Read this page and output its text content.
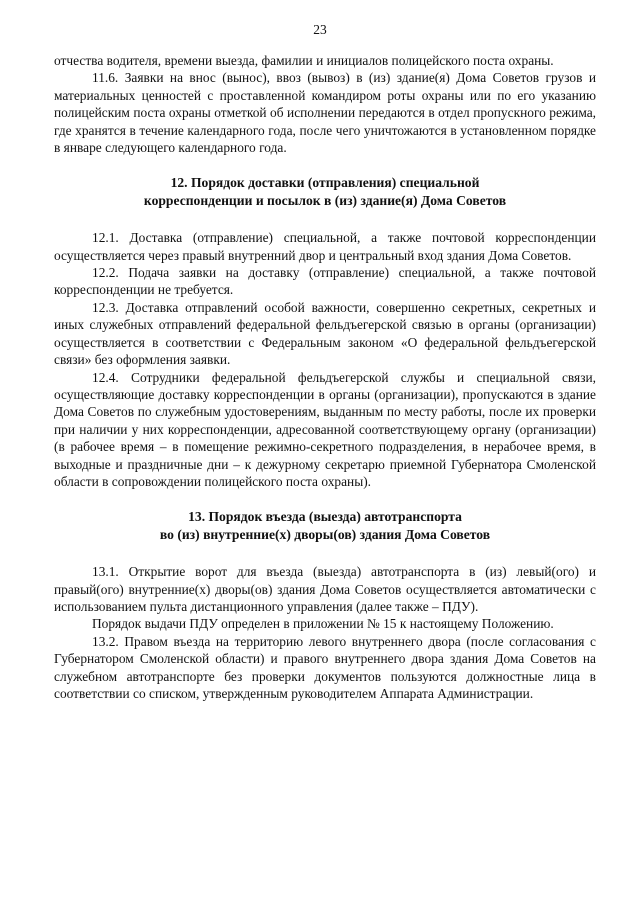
23

отчества водителя, времени выезда, фамилии и инициалов полицейского поста охраны.

11.6. Заявки на внос (вынос), ввоз (вывоз) в (из) здание(я) Дома Советов грузов и материальных ценностей с проставленной командиром роты охраны или по его указанию полицейским поста охраны отметкой об исполнении передаются в отдел пропускного режима, где хранятся в течение календарного года, после чего уничтожаются в установленном порядке в январе следующего календарного года.

12. Порядок доставки (отправления) специальной
корреспонденции и посылок в (из) здание(я) Дома Советов

12.1. Доставка (отправление) специальной, а также почтовой корреспонденции осуществляется через правый внутренний двор и центральный вход здания Дома Советов.

12.2. Подача заявки на доставку (отправление) специальной, а также почтовой корреспонденции не требуется.

12.3. Доставка отправлений особой важности, совершенно секретных, секретных и иных служебных отправлений федеральной фельдъегерской связью в органы (организации) осуществляется в соответствии с Федеральным законом «О федеральной фельдъегерской связи» без оформления заявки.

12.4. Сотрудники федеральной фельдъегерской службы и специальной связи, осуществляющие доставку корреспонденции в органы (организации), пропускаются в здание Дома Советов по служебным удостоверениям, выданным по месту работы, после их проверки при наличии у них корреспонденции, адресованной соответствующему органу (организации) (в рабочее время – в помещение режимно-секретного подразделения, в нерабочее время, в выходные и праздничные дни – к дежурному секретарю приемной Губернатора Смоленской области в сопровождении полицейского поста охраны).

13. Порядок въезда (выезда) автотранспорта
во (из) внутренние(х) дворы(ов) здания Дома Советов

13.1. Открытие ворот для въезда (выезда) автотранспорта в (из) левый(ого) и правый(ого) внутренние(х) дворы(ов) здания Дома Советов осуществляется автоматически с использованием пульта дистанционного управления (далее также – ПДУ).

Порядок выдачи ПДУ определен в приложении № 15 к настоящему Положению.

13.2. Правом въезда на территорию левого внутреннего двора (после согласования с Губернатором Смоленской области) и правого внутреннего двора здания Дома Советов на служебном автотранспорте без проверки документов пользуются должностные лица в соответствии со списком, утвержденным руководителем Аппарата Администрации.
